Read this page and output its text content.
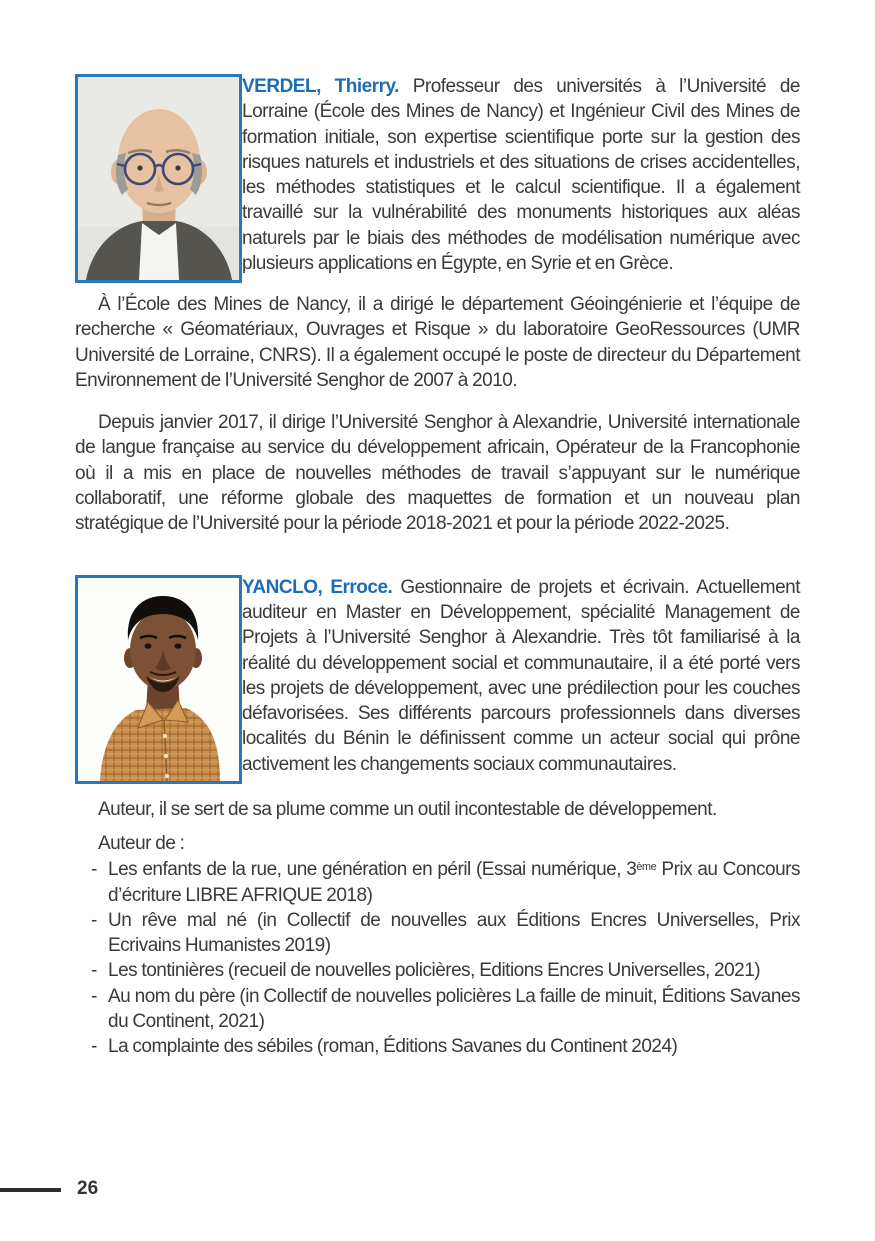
VERDEL, Thierry. Professeur des universités à l’Université de Lorraine (École des Mines de Nancy) et Ingénieur Civil des Mines de formation initiale, son expertise scientifique porte sur la gestion des risques naturels et industriels et des situations de crises accidentelles, les méthodes statistiques et le calcul scientifique. Il a également travaillé sur la vulnérabilité des monuments historiques aux aléas naturels par le biais des méthodes de modélisation numérique avec plusieurs applications en Égypte, en Syrie et en Grèce.

À l’École des Mines de Nancy, il a dirigé le département Géoingénierie et l’équipe de recherche « Géomatériaux, Ouvrages et Risque » du laboratoire GeoRessources (UMR Université de Lorraine, CNRS). Il a également occupé le poste de directeur du Département Environnement de l’Université Senghor de 2007 à 2010.

Depuis janvier 2017, il dirige l’Université Senghor à Alexandrie, Université internationale de langue française au service du développement africain, Opérateur de la Francophonie où il a mis en place de nouvelles méthodes de travail s’appuyant sur le numérique collaboratif, une réforme globale des maquettes de formation et un nouveau plan stratégique de l’Université pour la période 2018-2021 et pour la période 2022-2025.

YANCLO, Erroce. Gestionnaire de projets et écrivain. Actuellement auditeur en Master en Développement, spécialité Management de Projets à l’Université Senghor à Alexandrie. Très tôt familiarisé à la réalité du développement social et communautaire, il a été porté vers les projets de développement, avec une prédilection pour les couches défavorisées. Ses différents parcours professionnels dans diverses localités du Bénin le définissent comme un acteur social qui prône activement les changements sociaux communautaires.

Auteur, il se sert de sa plume comme un outil incontestable de développement.

Auteur de :

- Les enfants de la rue, une génération en péril (Essai numérique, 3ème Prix au Concours d’écriture LIBRE AFRIQUE 2018)
- Un rêve mal né (in Collectif de nouvelles aux Éditions Encres Universelles, Prix Ecrivains Humanistes 2019)
- Les tontinières (recueil de nouvelles policières, Editions Encres Universelles, 2021)
- Au nom du père (in Collectif de nouvelles policières La faille de minuit, Éditions Savanes du Continent, 2021)
- La complainte des sébiles (roman, Éditions Savanes du Continent 2024)
26
